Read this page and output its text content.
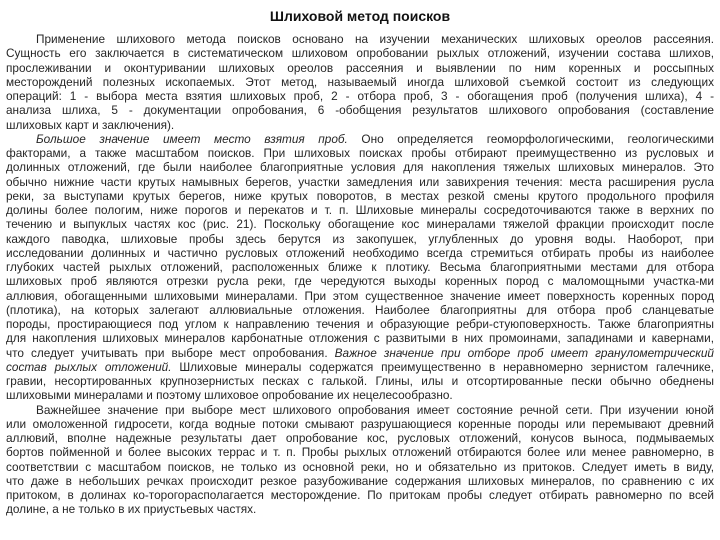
Шлиховой метод поисков
Применение шлихового метода поисков основано на изучении механических шлиховых ореолов рассеяния.
Сущность его заключается в систематическом шлиховом опробовании рыхлых отложений, изучении состава шлихов,
прослеживании и оконтуривании шлиховых ореолов рассеяния и выявлении по ним коренных и россыпных
месторождений полезных ископаемых. Этот метод, называемый иногда шлиховой съемкой состоит из следующих
операций: 1 - выбора места взятия шлиховых проб, 2 - отбора проб, 3 - обогащения проб (получения шлиха), 4 -
анализа шлиха, 5 - документации опробования, 6 -обобщения результатов шлихового опробования (составление
шлиховых карт и заключения).
Большое значение имеет место взятия проб. Оно определяется геоморфологическими, геологическими
факторами, а также масштабом поисков. При шлиховых поисках пробы отбирают преимущественно из русловых и
долинных отложений, где были наиболее благоприятные условия для накопления тяжелых шлиховых минералов. Это
обычно нижние части крутых намывных берегов, участки замедления или завихрения течения: места расширения русла
реки, за выступами крутых берегов, ниже крутых поворотов, в местах резкой смены крутого продольного профиля
долины более пологим, ниже порогов и перекатов и т. п. Шлиховые минералы сосредоточиваются также в верхних по
течению и выпуклых частях кос (рис. 21). Поскольку обогащение кос минералами тяжелой фракции происходит после
каждого паводка, шлиховые пробы здесь берутся из закопушек, углубленных до уровня воды. Наоборот, при
исследовании долинных и частично русловых отложений необходимо всегда стремиться отбирать пробы из наиболее
глубоких частей рыхлых отложений, расположенных ближе к плотику. Весьма благоприятными местами для отбора
шлиховых проб являются отрезки русла реки, где чередуются выходы коренных пород с маломощными участка-ми
аллювия, обогащенными шлиховыми минералами. При этом существенное значение имеет поверхность коренных пород
(плотика), на которых залегают аллювиальные отложения. Наиболее благоприятны для отбора проб сланцеватые
породы, простирающиеся под углом к направлению течения и образующие ребри-стуюповерхность. Также благоприятны
для накопления шлиховых минералов карбонатные отложения с развитыми в них промоинами, западинами и кавернами,
что следует учитывать при выборе мест опробования. Важное значение при отборе проб имеет гранулометрический
состав рыхлых отложений. Шлиховые минералы содержатся преимущественно в неравномерно зернистом галечнике,
гравии, несортированных крупнозернистых песках с галькой. Глины, илы и отсортированные пески обычно обеднены
шлиховыми минералами и поэтому шлиховое опробование их нецелесообразно.
Важнейшее значение при выборе мест шлихового опробования имеет состояние речной сети. При изучении юной
или омоложенной гидросети, когда водные потоки смывают разрушающиеся коренные породы или перемывают древний
аллювий, вполне надежные результаты дает опробование кос, русловых отложений, конусов выноса, подмываемых
бортов пойменной и более высоких террас и т. п. Пробы рыхлых отложений отбираются более или менее равномерно, в
соответствии с масштабом поисков, не только из основной реки, но и обязательно из притоков. Следует иметь в виду,
что даже в небольших речках происходит резкое разубоживание содержания шлиховых минералов, по сравнению с их
притоком, в долинах ко-торогорасполагается месторождение. По притокам пробы следует отбирать равномерно по всей
долине, а не только в их приустьевых частях.
